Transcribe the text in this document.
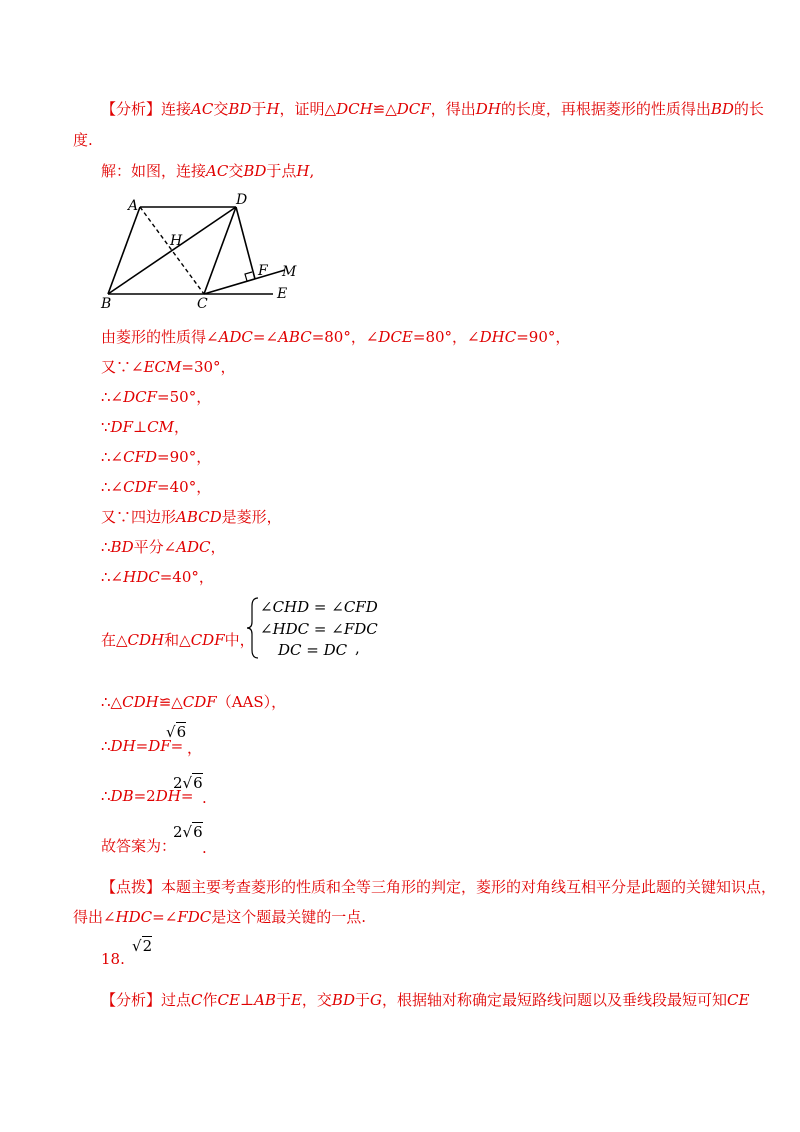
【分析】连接AC交BD于H，证明△DCH≌△DCF，得出DH的长度，再根据菱形的性质得出BD的长
度.
解：如图，连接AC交BD于点H,
A	D
H
F M
B	C
E
由菱形的性质得∠ADC=∠ABC=80°，∠DCE=80°，∠DHC=90°，
又∵∠ECM=30°，
∴∠DCF=50°，
∵DF⊥CM，
∴∠CFD=90°，
∴∠CDF=40°，
又∵四边形ABCD是菱形，
∴BD平分∠ADC，
∴∠HDC=40°，
在△CDH和△CDF中，
∠CHD = ∠CFD
∠HDC = ∠FDC
DC = DC ,
∴△CDH≌△CDF（AAS），
∴DH=DF=
√6
，
∴DB=2DH=
2√6
.
故答案为：
2√6
.
【点拨】本题主要考查菱形的性质和全等三角形的判定，菱形的对角线互相平分是此题的关键知识点，
得出∠HDC=∠FDC是这个题最关键的一点.
18.
√2
【分析】过点C作CE⊥AB于E，交BD于G，根据轴对称确定最短路线问题以及垂线段最短可知CE
